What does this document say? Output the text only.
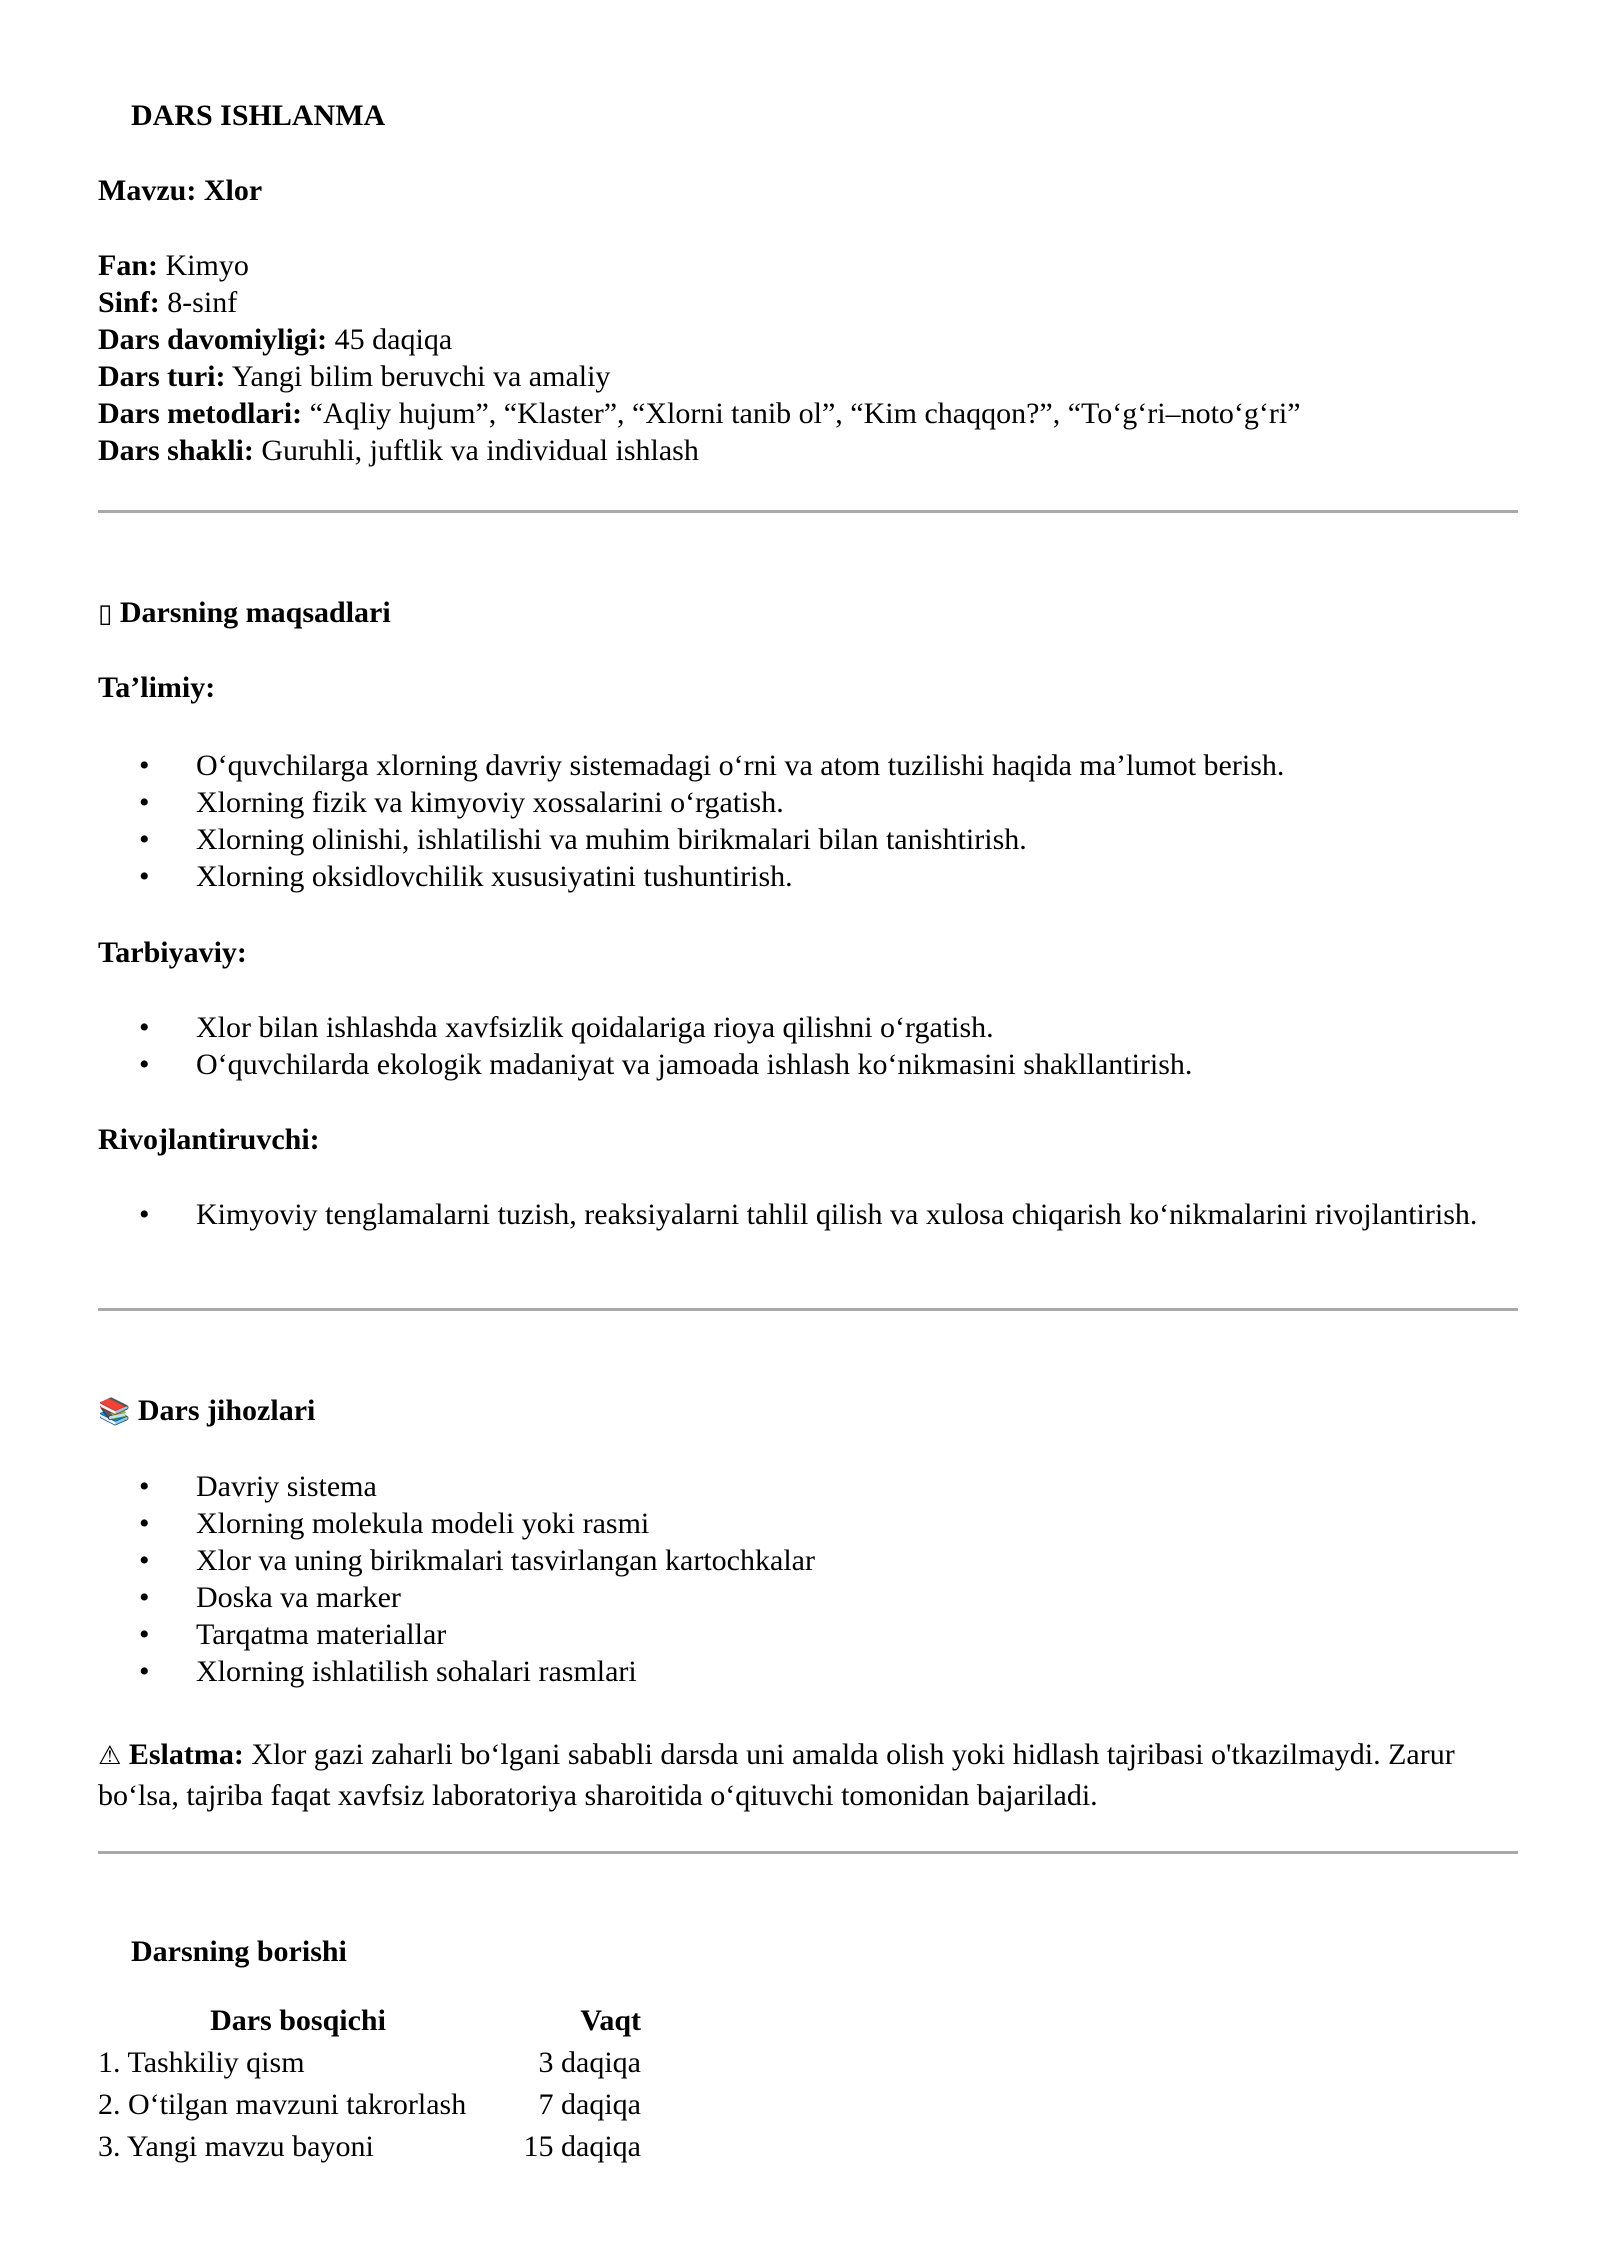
DARS ISHLANMA
Mavzu: Xlor
Fan: Kimyo
Sinf: 8-sinf
Dars davomiyligi: 45 daqiqa
Dars turi: Yangi bilim beruvchi va amaliy
Dars metodlari: “Aqliy hujum”, “Klaster”, “Xlorni tanib ol”, “Kim chaqqon?”, “To‘g‘ri–noto‘g‘ri”
Dars shakli: Guruhli, juftlik va individual ishlash
▯ Darsning maqsadlari
Ta’limiy:
• O‘quvchilarga xlorning davriy sistemadagi o‘rni va atom tuzilishi haqida ma’lumot berish.
• Xlorning fizik va kimyoviy xossalarini o‘rgatish.
• Xlorning olinishi, ishlatilishi va muhim birikmalari bilan tanishtirish.
• Xlorning oksidlovchilik xususiyatini tushuntirish.
Tarbiyaviy:
• Xlor bilan ishlashda xavfsizlik qoidalariga rioya qilishni o‘rgatish.
• O‘quvchilarda ekologik madaniyat va jamoada ishlash ko‘nikmasini shakllantirish.
Rivojlantiruvchi:
• Kimyoviy tenglamalarni tuzish, reaksiyalarni tahlil qilish va xulosa chiqarish ko‘nikmalarini rivojlantirish.
📚 Dars jihozlari
• Davriy sistema
• Xlorning molekula modeli yoki rasmi
• Xlor va uning birikmalari tasvirlangan kartochkalar
• Doska va marker
• Tarqatma materiallar
• Xlorning ishlatilish sohalari rasmlari
⚠ Eslatma: Xlor gazi zaharli bo‘lgani sababli darsda uni amalda olish yoki hidlash tajribasi o'tkazilmaydi. Zarur bo‘lsa, tajriba faqat xavfsiz laboratoriya sharoitida o‘qituvchi tomonidan bajariladi.
Darsning borishi
Dars bosqichi	Vaqt
1. Tashkiliy qism	3 daqiqa
2. O‘tilgan mavzuni takrorlash	7 daqiqa
3. Yangi mavzu bayoni	15 daqiqa
